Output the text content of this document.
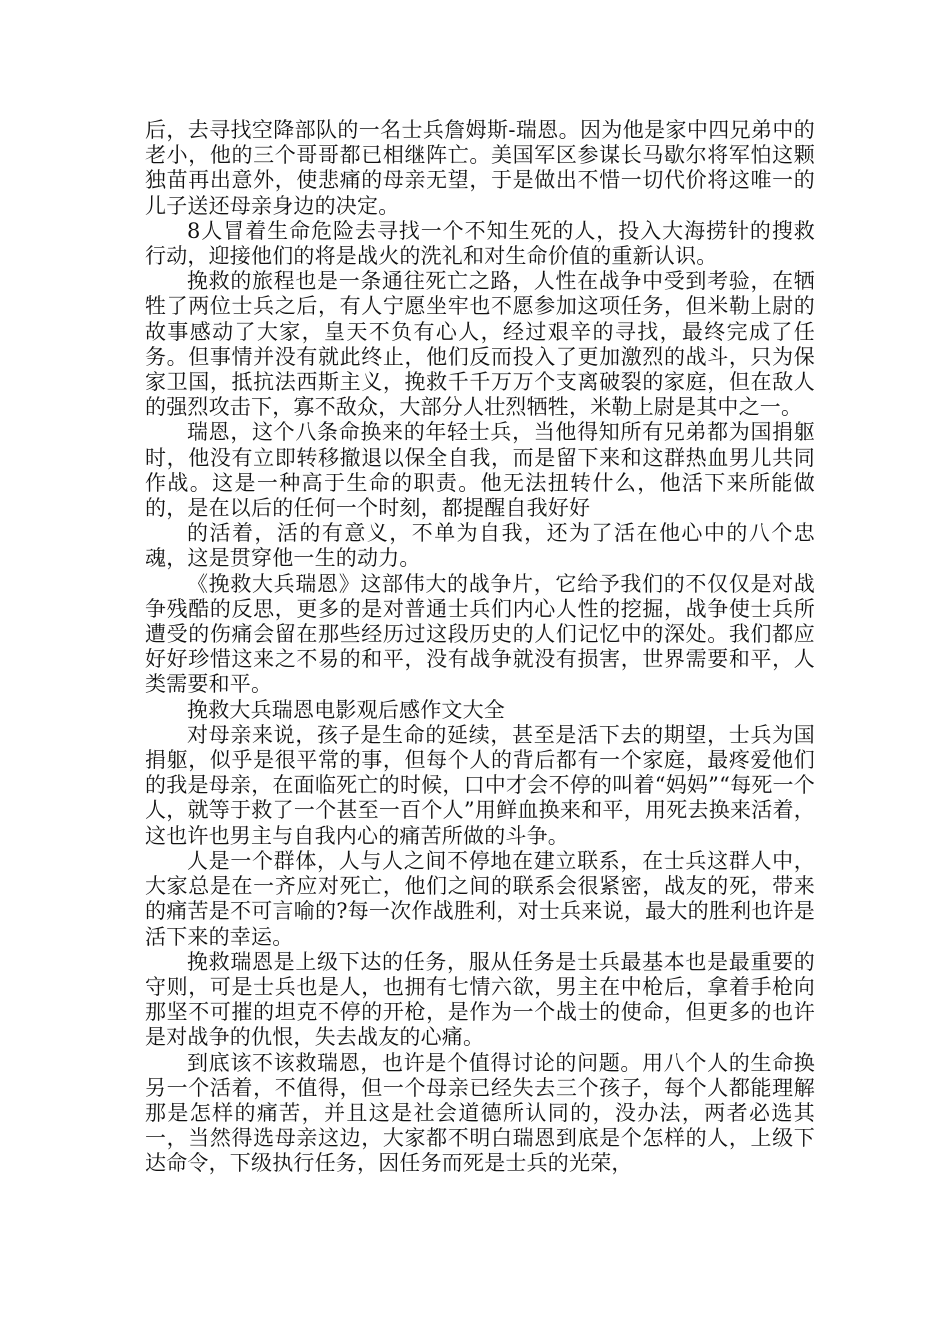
后，去寻找空降部队的一名士兵詹姆斯-瑞恩。因为他是家中四兄弟中的老小，他的三个哥哥都已相继阵亡。美国军区参谋长马歇尔将军怕这颗独苗再出意外，使悲痛的母亲无望，于是做出不惜一切代价将这唯一的儿子送还母亲身边的决定。

8人冒着生命危险去寻找一个不知生死的人，投入大海捞针的搜救行动，迎接他们的将是战火的洗礼和对生命价值的重新认识。

挽救的旅程也是一条通往死亡之路，人性在战争中受到考验，在牺牲了两位士兵之后，有人宁愿坐牢也不愿参加这项任务，但米勒上尉的故事感动了大家，皇天不负有心人，经过艰辛的寻找，最终完成了任务。但事情并没有就此终止，他们反而投入了更加激烈的战斗，只为保家卫国，抵抗法西斯主义，挽救千千万万个支离破裂的家庭，但在敌人的强烈攻击下，寡不敌众，大部分人壮烈牺牲，米勒上尉是其中之一。

瑞恩，这个八条命换来的年轻士兵，当他得知所有兄弟都为国捐躯时，他没有立即转移撤退以保全自我，而是留下来和这群热血男儿共同作战。这是一种高于生命的职责。他无法扭转什么，他活下来所能做的，是在以后的任何一个时刻，都提醒自我好好

的活着，活的有意义，不单为自我，还为了活在他心中的八个忠魂，这是贯穿他一生的动力。

《挽救大兵瑞恩》这部伟大的战争片，它给予我们的不仅仅是对战争残酷的反思，更多的是对普通士兵们内心人性的挖掘，战争使士兵所遭受的伤痛会留在那些经历过这段历史的人们记忆中的深处。我们都应好好珍惜这来之不易的和平，没有战争就没有损害，世界需要和平，人类需要和平。

挽救大兵瑞恩电影观后感作文大全

对母亲来说，孩子是生命的延续，甚至是活下去的期望，士兵为国捐躯，似乎是很平常的事，但每个人的背后都有一个家庭，最疼爱他们的我是母亲，在面临死亡的时候，口中才会不停的叫着“妈妈”“每死一个人，就等于救了一个甚至一百个人”用鲜血换来和平，用死去换来活着，这也许也男主与自我内心的痛苦所做的斗争。

人是一个群体，人与人之间不停地在建立联系，在士兵这群人中，大家总是在一齐应对死亡，他们之间的联系会很紧密，战友的死，带来的痛苦是不可言喻的?每一次作战胜利，对士兵来说，最大的胜利也许是活下来的幸运。

挽救瑞恩是上级下达的任务，服从任务是士兵最基本也是最重要的守则，可是士兵也是人，也拥有七情六欲，男主在中枪后，拿着手枪向那坚不可摧的坦克不停的开枪，是作为一个战士的使命，但更多的也许是对战争的仇恨，失去战友的心痛。

到底该不该救瑞恩，也许是个值得讨论的问题。用八个人的生命换另一个活着，不值得，但一个母亲已经失去三个孩子，每个人都能理解那是怎样的痛苦，并且这是社会道德所认同的，没办法，两者必选其一，当然得选母亲这边，大家都不明白瑞恩到底是个怎样的人，上级下达命令，下级执行任务，因任务而死是士兵的光荣，
